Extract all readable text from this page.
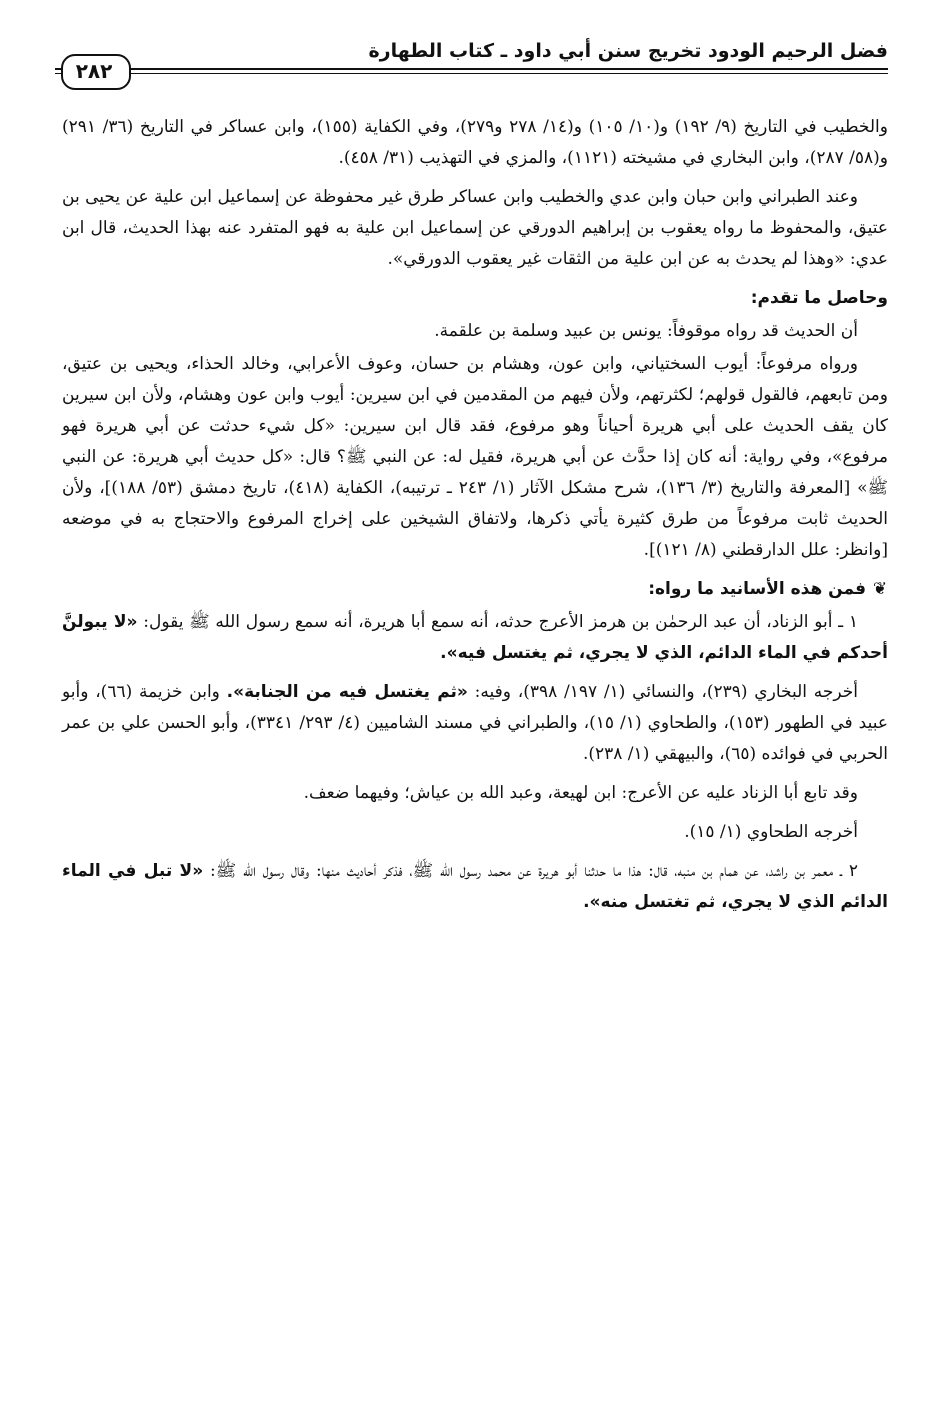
فضل الرحيم الودود تخريج سنن أبي داود ـ كتاب الطهارة
٢٨٢

والخطيب في التاريخ (٩/ ١٩٢) و(١٠/ ١٠٥) و(١٤/ ٢٧٨ و٢٧٩)، وفي الكفاية (١٥٥)، وابن عساكر في التاريخ (٣٦/ ٢٩١) و(٥٨/ ٢٨٧)، وابن البخاري في مشيخته (١١٢١)، والمزي في التهذيب (٣١/ ٤٥٨).

وعند الطبراني وابن حبان وابن عدي والخطيب وابن عساكر طرق غير محفوظة عن إسماعيل ابن علية عن يحيى بن عتيق، والمحفوظ ما رواه يعقوب بن إبراهيم الدورقي عن إسماعيل ابن علية به فهو المتفرد عنه بهذا الحديث، قال ابن عدي: «وهذا لم يحدث به عن ابن علية من الثقات غير يعقوب الدورقي».

وحاصل ما تقدم:

أن الحديث قد رواه موقوفاً: يونس بن عبيد وسلمة بن علقمة.

ورواه مرفوعاً: أيوب السختياني، وابن عون، وهشام بن حسان، وعوف الأعرابي، وخالد الحذاء، ويحيى بن عتيق، ومن تابعهم، فالقول قولهم؛ لكثرتهم، ولأن فيهم من المقدمين في ابن سيرين: أيوب وابن عون وهشام، ولأن ابن سيرين كان يقف الحديث على أبي هريرة أحياناً وهو مرفوع، فقد قال ابن سيرين: «كل شيء حدثت عن أبي هريرة فهو مرفوع»، وفي رواية: أنه كان إذا حدَّث عن أبي هريرة، فقيل له: عن النبي ﷺ؟ قال: «كل حديث أبي هريرة: عن النبي ﷺ» [المعرفة والتاريخ (٣/ ١٣٦)، شرح مشكل الآثار (١/ ٢٤٣ ـ ترتيبه)، الكفاية (٤١٨)، تاريخ دمشق (٥٣/ ١٨٨)]، ولأن الحديث ثابت مرفوعاً من طرق كثيرة يأتي ذكرها، ولاتفاق الشيخين على إخراج المرفوع والاحتجاج به في موضعه [وانظر: علل الدارقطني (٨/ ١٢١)].

❦فمن هذه الأسانيد ما رواه:

١ ـ أبو الزناد، أن عبد الرحمٰن بن هرمز الأعرج حدثه، أنه سمع أبا هريرة، أنه سمع رسول الله ﷺ يقول: «لا يبولنَّ أحدكم في الماء الدائم، الذي لا يجري، ثم يغتسل فيه».

أخرجه البخاري (٢٣٩)، والنسائي (١/ ١٩٧/ ٣٩٨)، وفيه: «ثم يغتسل فيه من الجنابة». وابن خزيمة (٦٦)، وأبو عبيد في الطهور (١٥٣)، والطحاوي (١/ ١٥)، والطبراني في مسند الشاميين (٤/ ٢٩٣/ ٣٣٤١)، وأبو الحسن علي بن عمر الحربي في فوائده (٦٥)، والبيهقي (١/ ٢٣٨).

وقد تابع أبا الزناد عليه عن الأعرج: ابن لهيعة، وعبد الله بن عياش؛ وفيهما ضعف.

أخرجه الطحاوي (١/ ١٥).

٢ ـ معمر بن راشد، عن همام بن منبه، قال: هذا ما حدثنا أبو هريرة عن محمد رسول الله ﷺ، فذكر أحاديث منها: وقال رسول الله ﷺ: «لا تبل في الماء الدائم الذي لا يجري، ثم تغتسل منه».
